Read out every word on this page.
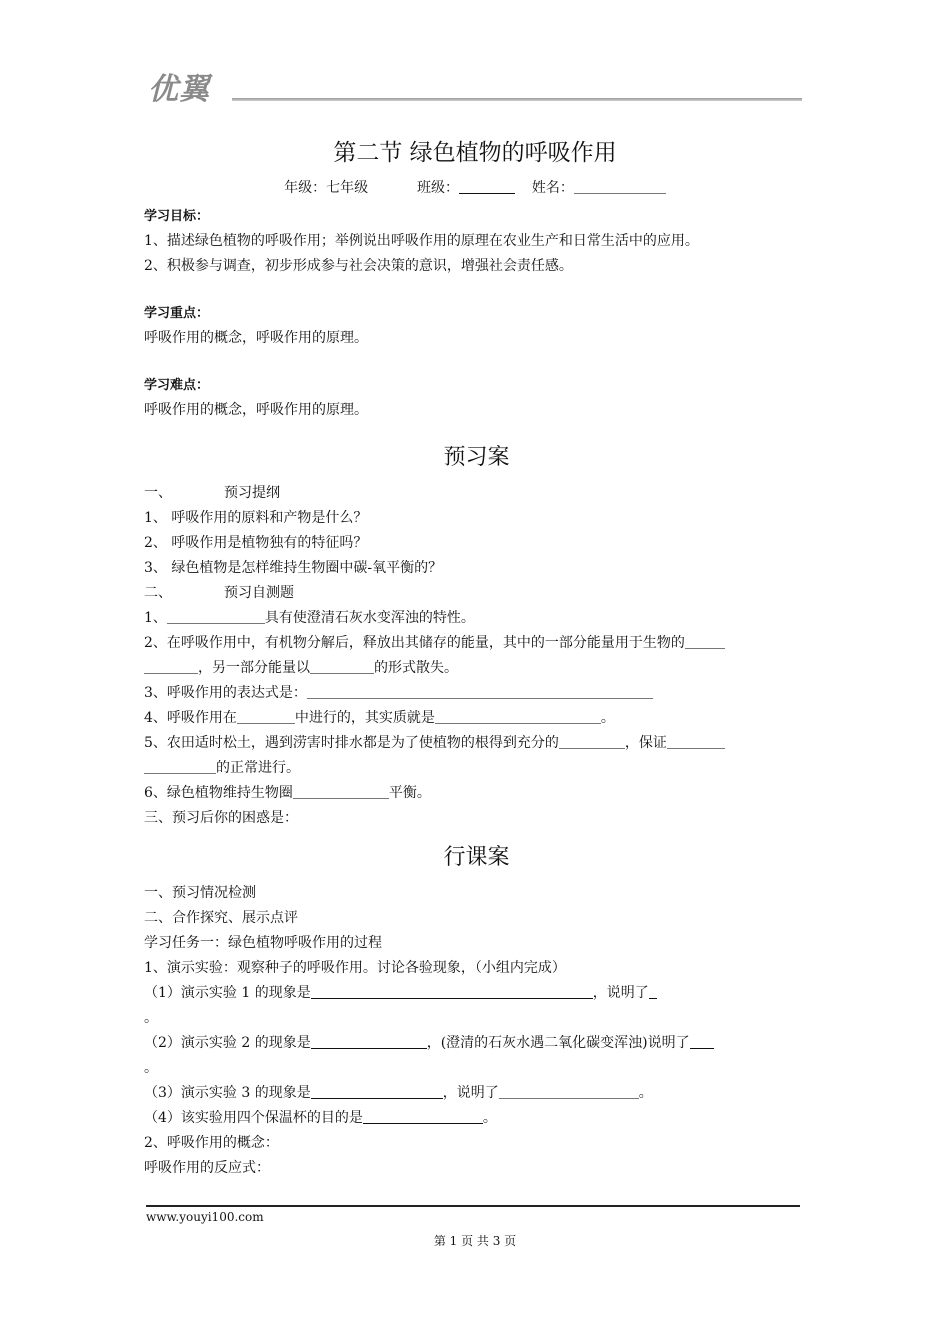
优翼
第二节 绿色植物的呼吸作用
年级：七年级	班级：	姓名：
学习目标：
1、描述绿色植物的呼吸作用；举例说出呼吸作用的原理在农业生产和日常生活中的应用。
2、积极参与调查，初步形成参与社会决策的意识，增强社会责任感。
学习重点：
呼吸作用的概念，呼吸作用的原理。
学习难点：
呼吸作用的概念，呼吸作用的原理。
预习案
一、	预习提纲
1、 呼吸作用的原料和产物是什么？
2、 呼吸作用是植物独有的特征吗？
3、 绿色植物是怎样维持生物圈中碳-氧平衡的？
二、	预习自测题
1、	具有使澄清石灰水变浑浊的特性。
2、在呼吸作用中，有机物分解后，释放出其储存的能量，其中的一部分能量用于生物的
，另一部分能量以	的形式散失。
3、呼吸作用的表达式是：
4、呼吸作用在	中进行的，其实质就是	。
5、农田适时松土，遇到涝害时排水都是为了使植物的根得到充分的	，保证
的正常进行。
6、绿色植物维持生物圈	平衡。
三、预习后你的困惑是：
行课案
一、预习情况检测
二、合作探究、展示点评
学习任务一：绿色植物呼吸作用的过程
1、演示实验：观察种子的呼吸作用。讨论各验现象，（小组内完成）
（1）演示实验 1 的现象是	，说明了
。
（2）演示实验 2 的现象是	，(澄清的石灰水遇二氧化碳变浑浊)说明了
。
（3）演示实验 3 的现象是	，说明了	。
（4）该实验用四个保温杯的目的是	。
2、呼吸作用的概念：
呼吸作用的反应式：
www.youyi100.com
第 1 页 共 3 页
